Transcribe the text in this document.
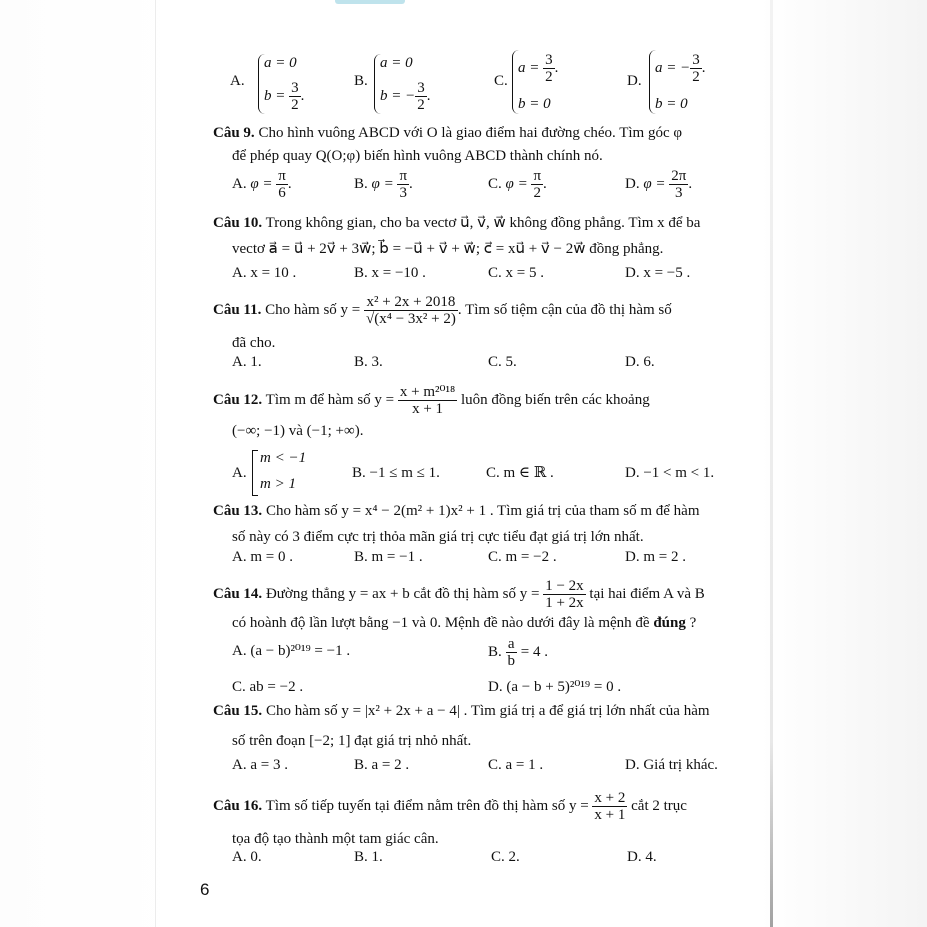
A.
a = 0
$b = \frac{3}{2}$ .
B.
a = 0
b = − $\frac{3}{2}$ .
C.
$a = \frac{3}{2}$ .
b = 0
D.
a = − $\frac{3}{2}$ .
b = 0
Câu 9. Cho hình vuông ABCD với O là giao điểm hai đường chéo. Tìm góc φ
để phép quay Q(O;φ) biến hình vuông ABCD thành chính nó.
A. $\varphi = \frac{\pi}{6}$ .	B. $\varphi = \frac{\pi}{3}$ .	C. $\varphi = \frac{\pi}{2}$ .	D. $\varphi = \frac{2\pi}{3}$ .
Câu 10. Trong không gian, cho ba vectơ u⃗, v⃗, w⃗ không đồng phẳng. Tìm x để ba
vectơ a⃗ = u⃗ + 2v⃗ + 3w⃗; b⃗ = −u⃗ + v⃗ + w⃗; c⃗ = xu⃗ + v⃗ − 2w⃗ đồng phẳng.
A. x = 10 .	B. x = −10 .	C. x = 5 .	D. x = −5 .
Câu 11. Cho hàm số $y = \frac{\text{x² + 2x + 2018}}{\text{√(x⁴ − 3x² + 2)}}$ . Tìm số tiệm cận của đồ thị hàm số
đã cho.
A. 1.	B. 3.	C. 5.	D. 6.
Câu 12. Tìm m để hàm số $y = \frac{\text{x + m²⁰¹⁸}}{x + 1}$ luôn đồng biến trên các khoảng
(−∞; −1) và (−1; +∞).
A.
m < −1
m > 1
B. −1 ≤ m ≤ 1.	C. m ∈ ℝ .	D. −1 < m < 1.
Câu 13. Cho hàm số y = x⁴ − 2(m² + 1)x² + 1 . Tìm giá trị của tham số m để hàm
số này có 3 điểm cực trị thỏa mãn giá trị cực tiểu đạt giá trị lớn nhất.
A. m = 0 .	B. m = −1 .	C. m = −2 .	D. m = 2 .
Câu 14. Đường thẳng y = ax + b cắt đồ thị hàm số $y = \frac{1 - 2x}{1 + 2x}$ tại hai điểm A và B
có hoành độ lần lượt bằng −1 và 0. Mệnh đề nào dưới đây là mệnh đề đúng ?
A. (a − b)²⁰¹⁹ = −1 .	B. $\frac{a}{b} = 4$ .
C. ab = −2 .	D. (a − b + 5)²⁰¹⁹ = 0 .
Câu 15. Cho hàm số y = |x² + 2x + a − 4| . Tìm giá trị a để giá trị lớn nhất của hàm
số trên đoạn [−2; 1] đạt giá trị nhỏ nhất.
A. a = 3 .	B. a = 2 .	C. a = 1 .	D. Giá trị khác.
Câu 16. Tìm số tiếp tuyến tại điểm nằm trên đồ thị hàm số $y = \frac{x + 2}{x + 1}$ cắt 2 trục
tọa độ tạo thành một tam giác cân.
A. 0.	B. 1.	C. 2.	D. 4.
6
